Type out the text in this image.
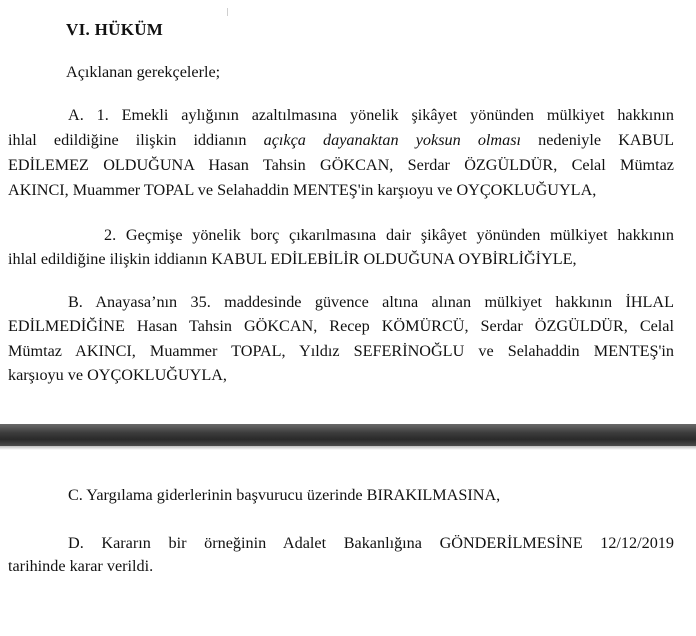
VI. HÜKÜM
Açıklanan gerekçelerle;
A. 1. Emekli aylığının azaltılmasına yönelik şikâyet yönünden mülkiyet hakkının
ihlal edildiğine ilişkin iddianın açıkça dayanaktan yoksun olması nedeniyle KABUL
EDİLEMEZ OLDUĞUNA Hasan Tahsin GÖKCAN, Serdar ÖZGÜLDÜR, Celal Mümtaz
AKINCI, Muammer TOPAL ve Selahaddin MENTEŞ'in karşıoyu ve OYÇOKLUĞUYLA,
2. Geçmişe yönelik borç çıkarılmasına dair şikâyet yönünden mülkiyet hakkının
ihlal edildiğine ilişkin iddianın KABUL EDİLEBİLİR OLDUĞUNA OYBİRLİĞİYLE,
B. Anayasa’nın 35. maddesinde güvence altına alınan mülkiyet hakkının İHLAL
EDİLMEDİĞİNE Hasan Tahsin GÖKCAN, Recep KÖMÜRCÜ, Serdar ÖZGÜLDÜR, Celal
Mümtaz AKINCI, Muammer TOPAL, Yıldız SEFERİNOĞLU ve Selahaddin MENTEŞ'in
karşıoyu ve OYÇOKLUĞUYLA,
C. Yargılama giderlerinin başvurucu üzerinde BIRAKILMASINA,
D. Kararın bir örneğinin Adalet Bakanlığına GÖNDERİLMESİNE 12/12/2019
tarihinde karar verildi.
